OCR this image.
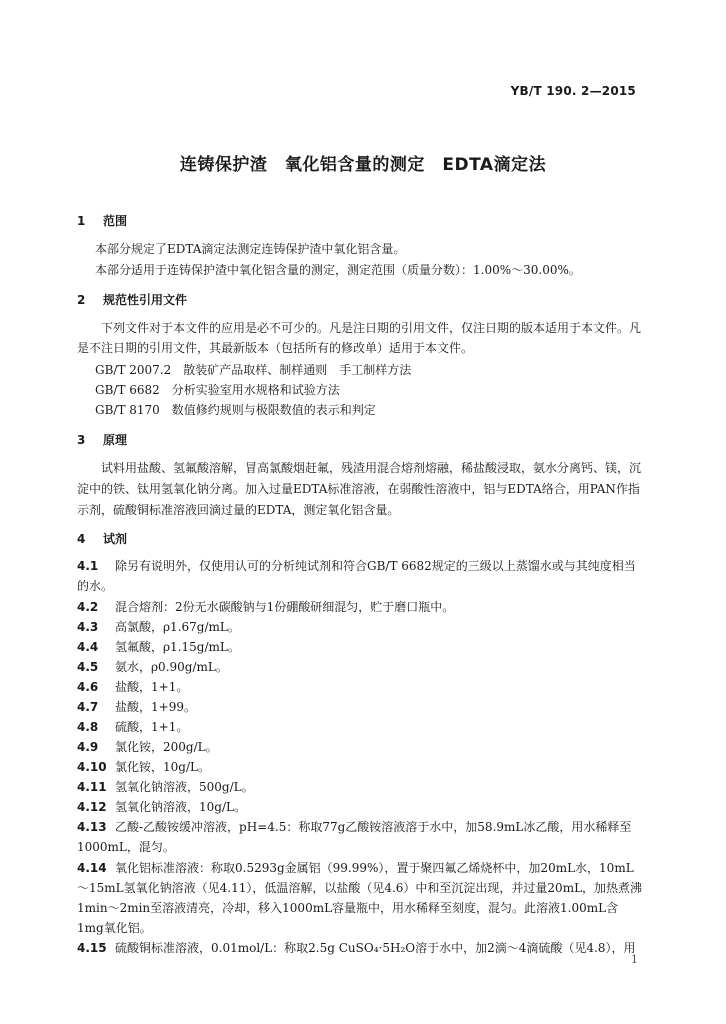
YB/T 190. 2—2015
连铸保护渣　氧化铝含量的测定　EDTA滴定法
1 范围
本部分规定了EDTA滴定法测定连铸保护渣中氧化铝含量。
本部分适用于连铸保护渣中氧化铝含量的测定，测定范围（质量分数）：1.00%～30.00%。
2 规范性引用文件
下列文件对于本文件的应用是必不可少的。凡是注日期的引用文件，仅注日期的版本适用于本文件。凡是不注日期的引用文件，其最新版本（包括所有的修改单）适用于本文件。
GB/T 2007.2　散装矿产品取样、制样通则　手工制样方法
GB/T 6682　分析实验室用水规格和试验方法
GB/T 8170　数值修约规则与极限数值的表示和判定
3 原理
试料用盐酸、氢氟酸溶解，冒高氯酸烟赶氟，残渣用混合熔剂熔融，稀盐酸浸取，氨水分离钙、镁，沉淀中的铁、钛用氢氧化钠分离。加入过量EDTA标准溶液，在弱酸性溶液中，铝与EDTA络合，用PAN作指示剂，硫酸铜标准溶液回滴过量的EDTA，测定氧化铝含量。
4 试剂
4.1 除另有说明外，仅使用认可的分析纯试剂和符合GB/T 6682规定的三级以上蒸馏水或与其纯度相当的水。
4.2 混合熔剂：2份无水碳酸钠与1份硼酸研细混匀，贮于磨口瓶中。
4.3 高氯酸，ρ1.67g/mL。
4.4 氢氟酸，ρ1.15g/mL。
4.5 氨水，ρ0.90g/mL。
4.6 盐酸，1+1。
4.7 盐酸，1+99。
4.8 硫酸，1+1。
4.9 氯化铵，200g/L。
4.10 氯化铵，10g/L。
4.11 氢氧化钠溶液，500g/L。
4.12 氢氧化钠溶液，10g/L。
4.13 乙酸-乙酸铵缓冲溶液，pH=4.5：称取77g乙酸铵溶液溶于水中，加58.9mL冰乙酸，用水稀释至1000mL，混匀。
4.14 氧化铝标准溶液：称取0.5293g金属铝（99.99%），置于聚四氟乙烯烧杯中，加20mL水，10mL～15mL氢氧化钠溶液（见4.11），低温溶解，以盐酸（见4.6）中和至沉淀出现，并过量20mL，加热煮沸1min～2min至溶液清亮，冷却，移入1000mL容量瓶中，用水稀释至刻度，混匀。此溶液1.00mL含1mg氧化铝。
4.15 硫酸铜标准溶液，0.01mol/L：称取2.5g CuSO₄·5H₂O溶于水中，加2滴～4滴硫酸（见4.8），用
1
